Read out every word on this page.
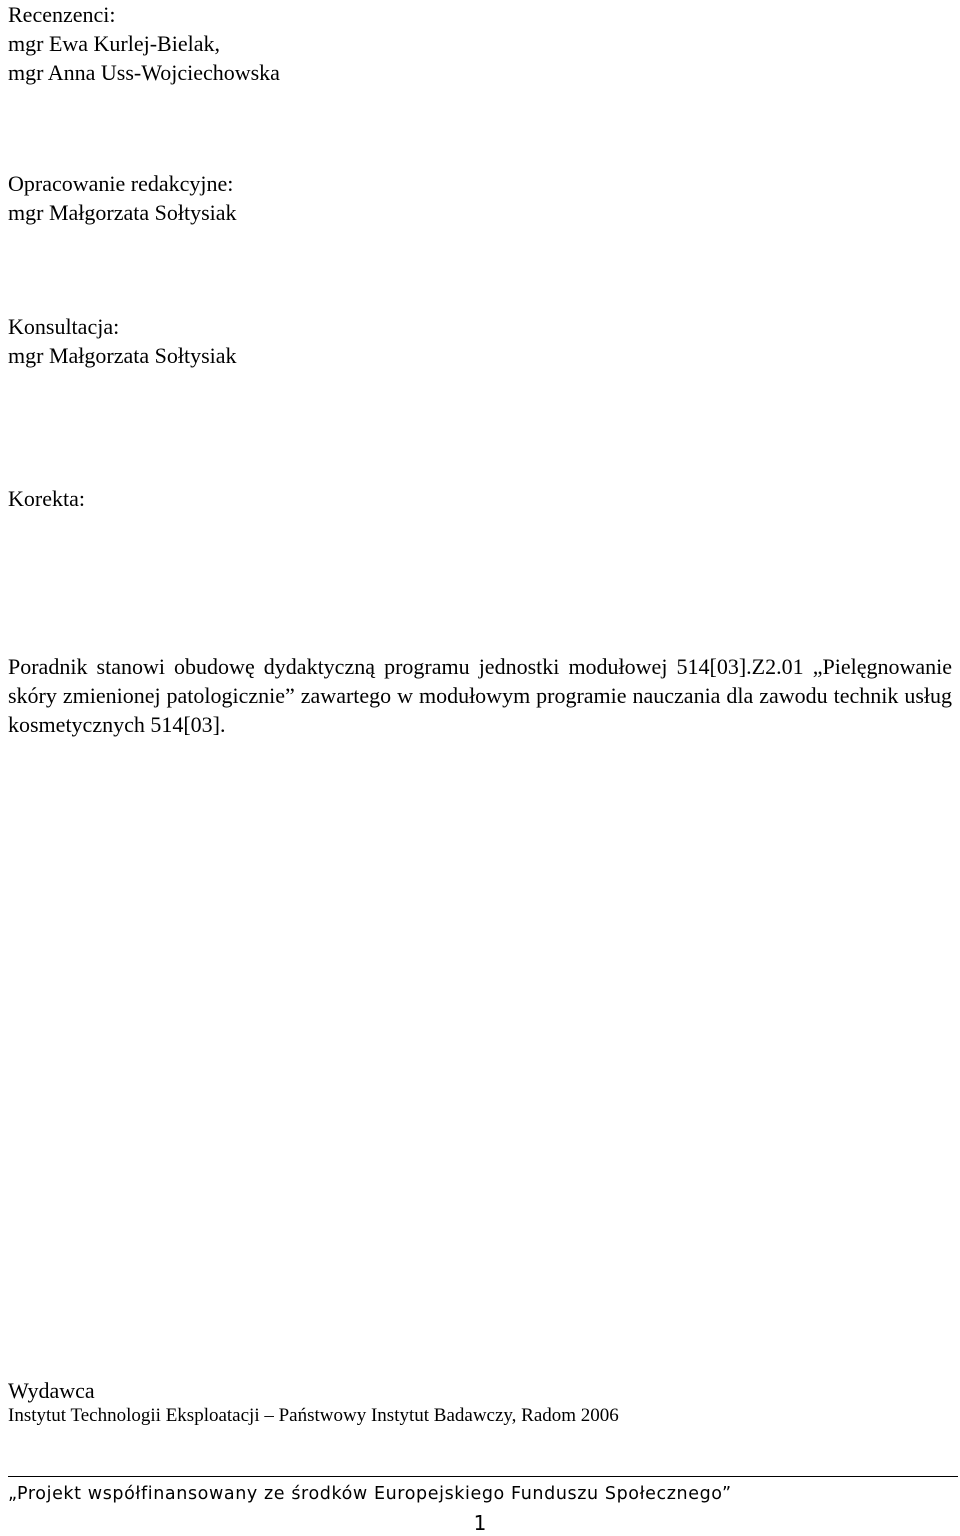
Recenzenci:
mgr Ewa Kurlej-Bielak,
mgr Anna Uss-Wojciechowska
Opracowanie redakcyjne:
mgr Małgorzata Sołtysiak
Konsultacja:
mgr Małgorzata Sołtysiak
Korekta:
Poradnik stanowi obudowę dydaktyczną programu jednostki modułowej 514[03].Z2.01 „Pielęgnowanie skóry zmienionej patologicznie” zawartego w modułowym programie nauczania dla zawodu technik usług kosmetycznych 514[03].
Wydawca
Instytut Technologii Eksploatacji – Państwowy Instytut Badawczy, Radom 2006
„Projekt współfinansowany ze środków Europejskiego Funduszu Społecznego”
1
